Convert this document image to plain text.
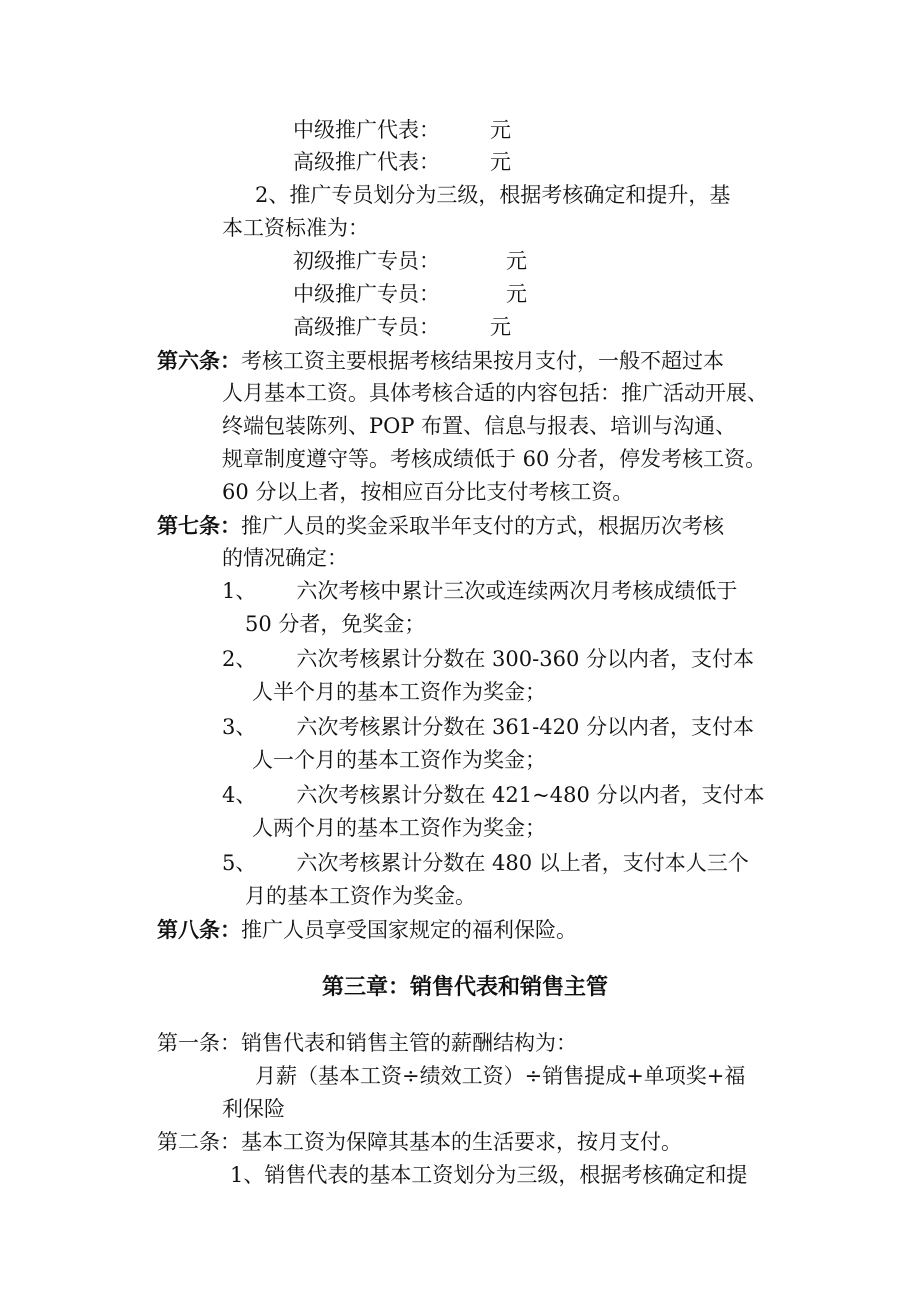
中级推广代表： 元
高级推广代表： 元
2、推广专员划分为三级，根据考核确定和提升，基
本工资标准为：
初级推广专员：	元
中级推广专员：	元
高级推广专员： 元
第六条：考核工资主要根据考核结果按月支付，一般不超过本
人月基本工资。具体考核合适的内容包括：推广活动开展、
终端包装陈列、POP 布置、信息与报表、培训与沟通、
规章制度遵守等。考核成绩低于 60 分者，停发考核工资。
60 分以上者，按相应百分比支付考核工资。
第七条：推广人员的奖金采取半年支付的方式，根据历次考核
的情况确定：
1、 六次考核中累计三次或连续两次月考核成绩低于
50 分者，免奖金；
2、 六次考核累计分数在 300-360 分以内者，支付本
人半个月的基本工资作为奖金；
3、 六次考核累计分数在 361-420 分以内者，支付本
人一个月的基本工资作为奖金；
4、 六次考核累计分数在 421~480 分以内者，支付本
人两个月的基本工资作为奖金；
5、 六次考核累计分数在 480 以上者，支付本人三个
月的基本工资作为奖金。
第八条：推广人员享受国家规定的福利保险。
第三章：销售代表和销售主管
第一条：销售代表和销售主管的薪酬结构为：
月薪（基本工资÷绩效工资）÷销售提成+单项奖+福
利保险
第二条：基本工资为保障其基本的生活要求，按月支付。
1、销售代表的基本工资划分为三级，根据考核确定和提
